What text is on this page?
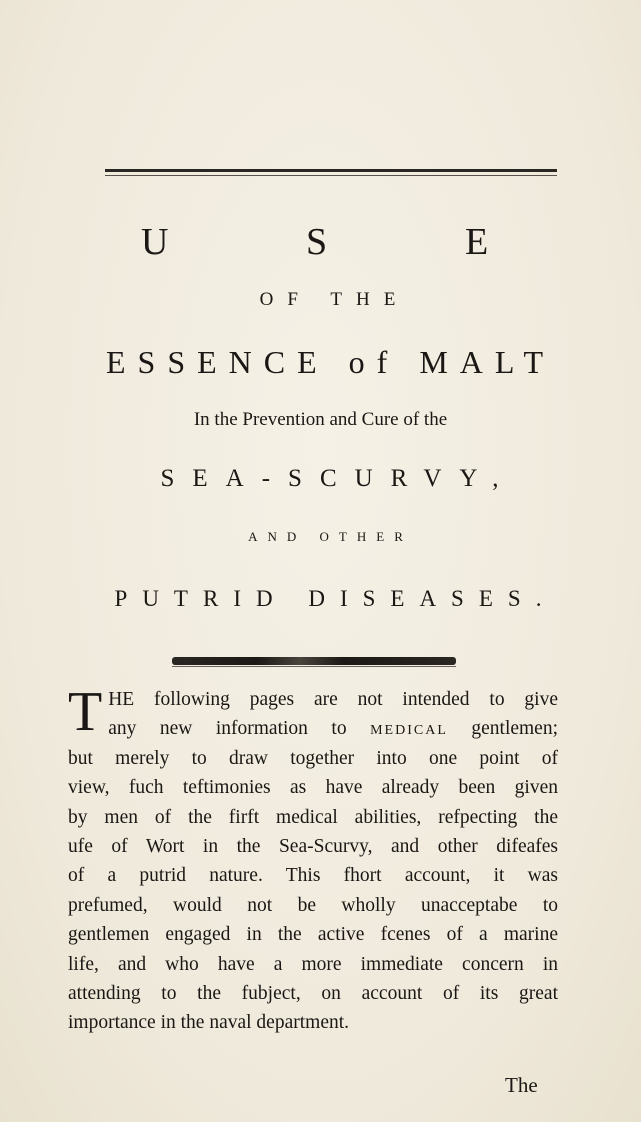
U	S	E
OF THE
ESSENCE of MALT
In the Prevention and Cure of the
SEA-SCURVY,
AND OTHER
PUTRID DISEASES.
T HE following pages are not intended to give
any new information to medical gentlemen;
but merely to draw together into one point of
view, fuch teftimonies as have already been given
by men of the firft medical abilities, refpecting the
ufe of Wort in the Sea-Scurvy, and other difeafes
of a putrid nature. This fhort account, it was
prefumed, would not be wholly unacceptabe to
gentlemen engaged in the active fcenes of a marine
life, and who have a more immediate concern in
attending to the fubject, on account of its great
importance in the naval department.
The
